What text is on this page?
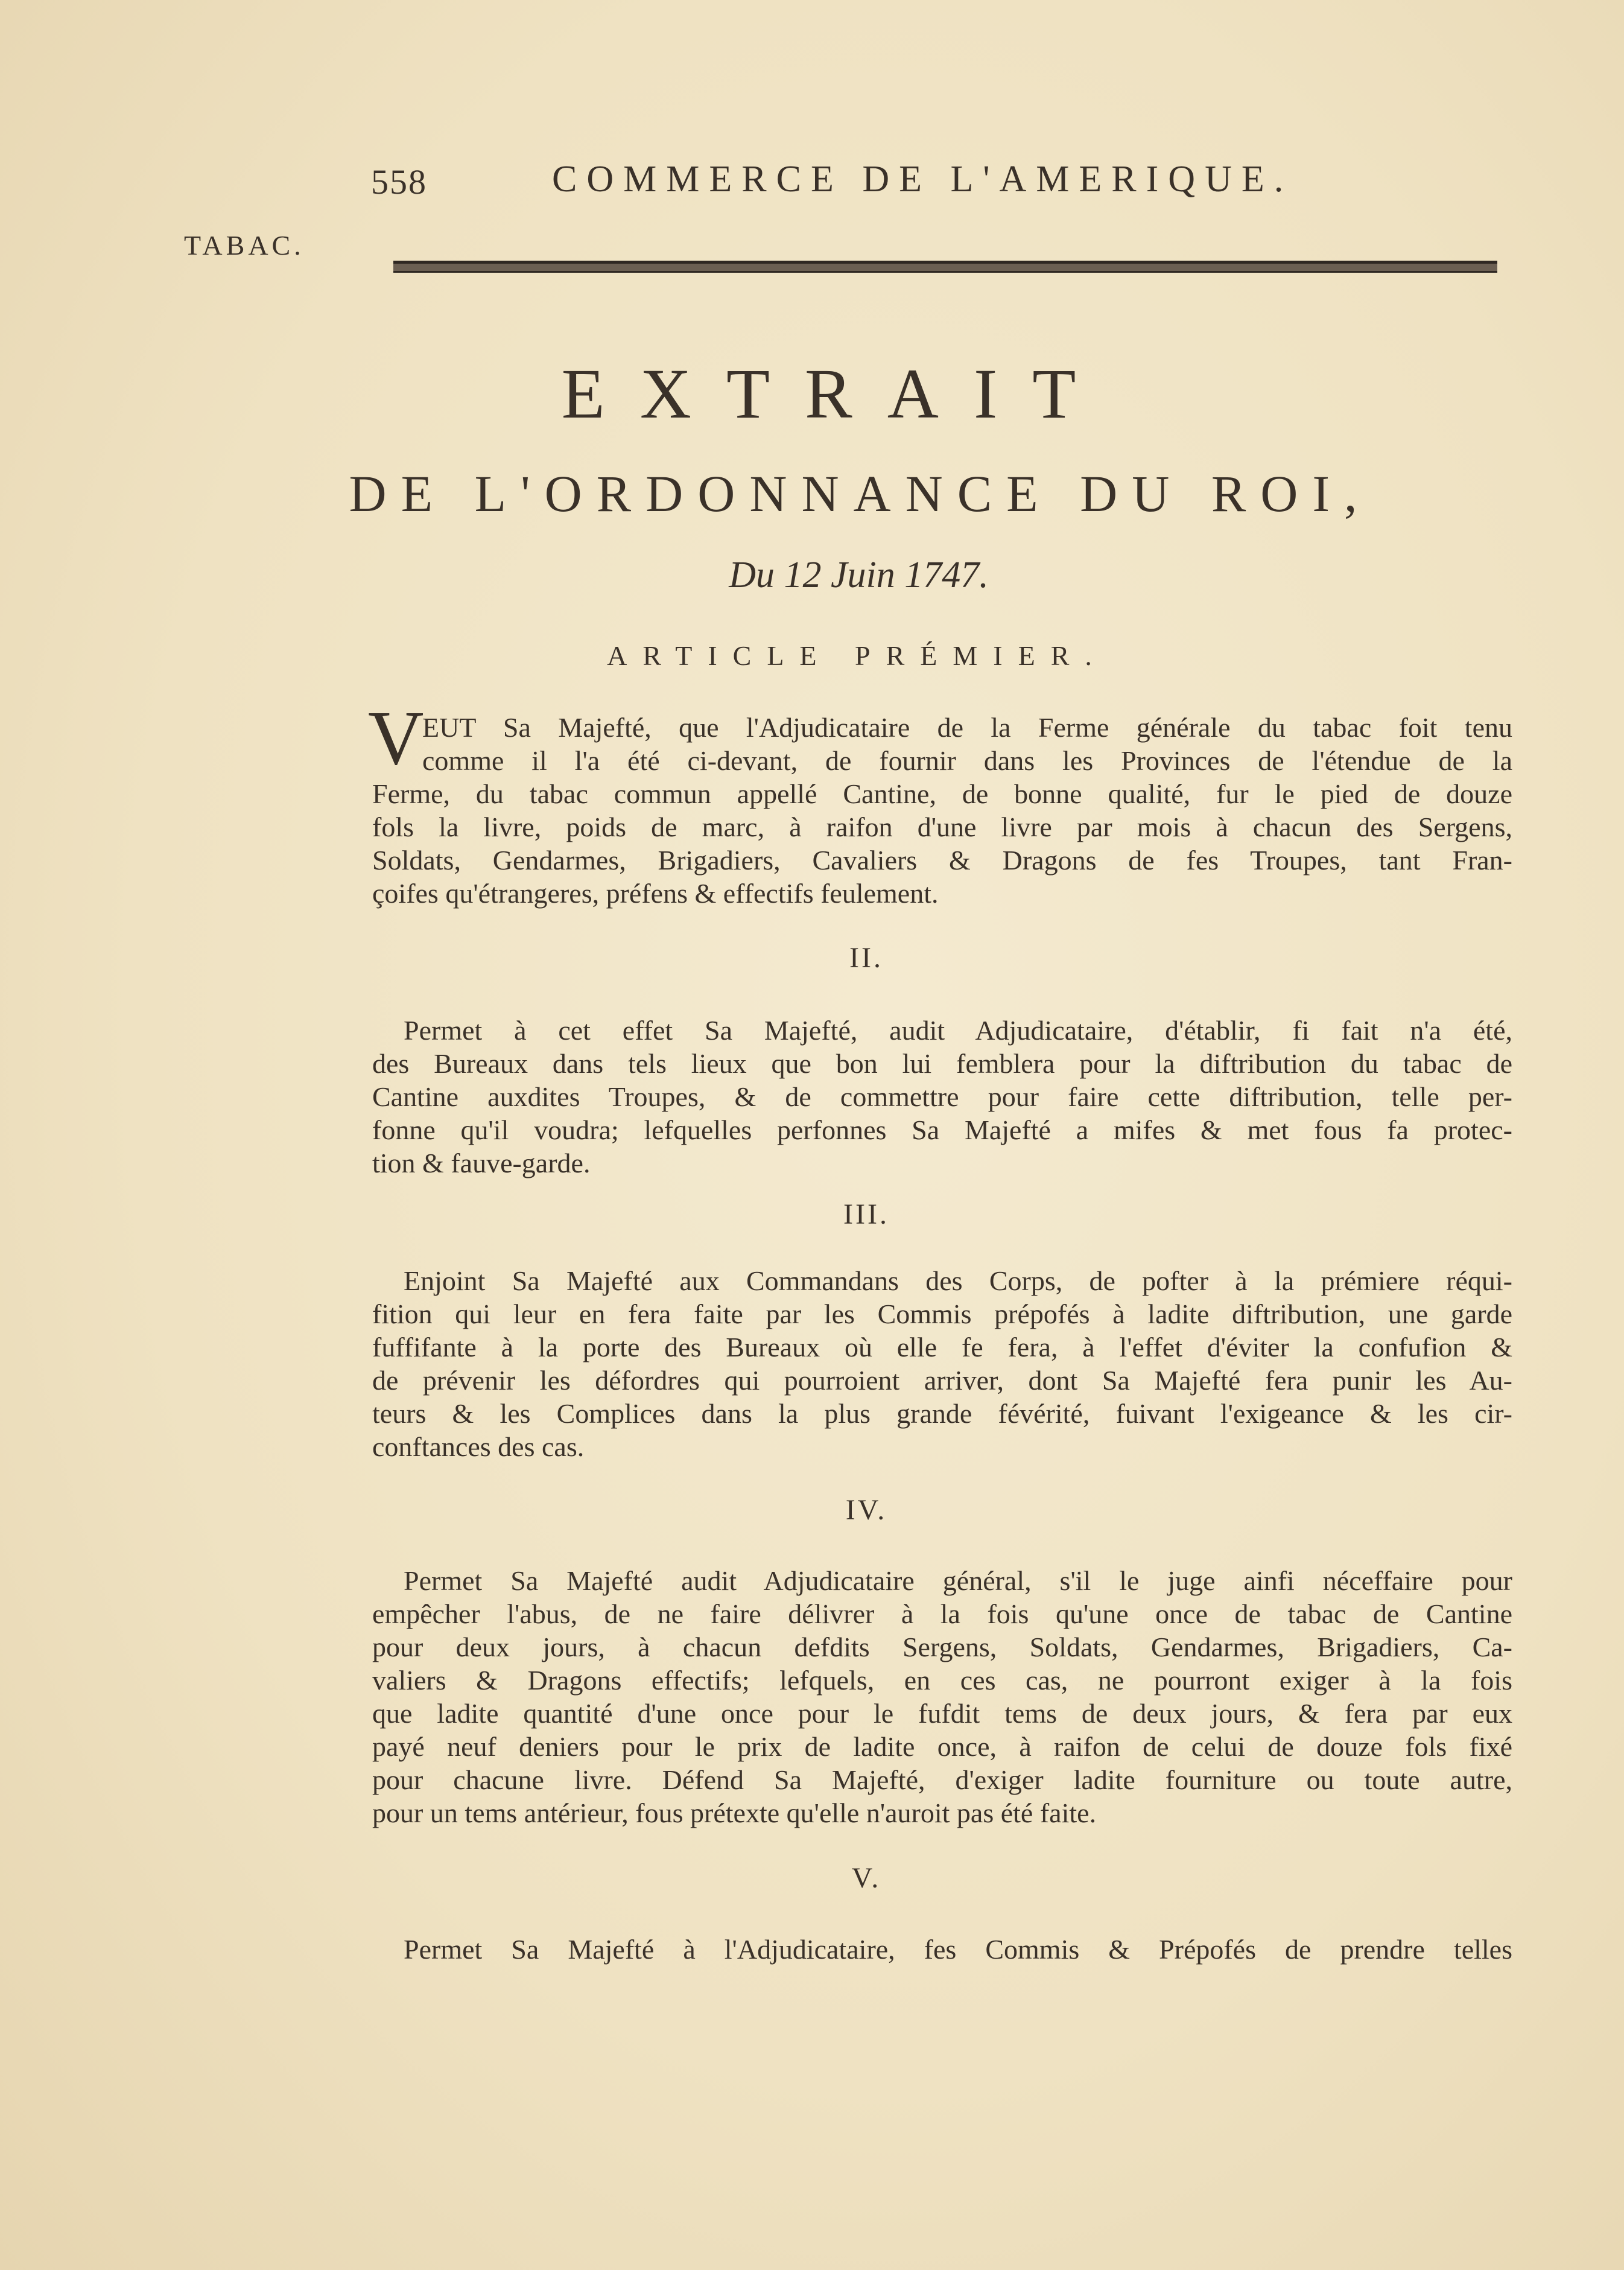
558	COMMERCE DE L'AMERIQUE.
TABAC.
EXTRAIT
DE L'ORDONNANCE DU ROI,
Du 12 Juin 1747.
ARTICLE PRÉMIER.
V
EUT Sa Majefté, que l'Adjudicataire de la Ferme générale du tabac foit tenu
comme il l'a été ci-devant, de fournir dans les Provinces de l'étendue de la
Ferme, du tabac commun appellé Cantine, de bonne qualité, fur le pied de douze
fols la livre, poids de marc, à raifon d'une livre par mois à chacun des Sergens,
Soldats, Gendarmes, Brigadiers, Cavaliers & Dragons de fes Troupes, tant Fran-
çoifes qu'étrangeres, préfens & effectifs feulement.
II.
Permet à cet effet Sa Majefté, audit Adjudicataire, d'établir, fi fait n'a été,
des Bureaux dans tels lieux que bon lui femblera pour la diftribution du tabac de
Cantine auxdites Troupes, & de commettre pour faire cette diftribution, telle per-
fonne qu'il voudra; lefquelles perfonnes Sa Majefté a mifes & met fous fa protec-
tion & fauve-garde.
III.
Enjoint Sa Majefté aux Commandans des Corps, de pofter à la prémiere réqui-
fition qui leur en fera faite par les Commis prépofés à ladite diftribution, une garde
fuffifante à la porte des Bureaux où elle fe fera, à l'effet d'éviter la confufion &
de prévenir les défordres qui pourroient arriver, dont Sa Majefté fera punir les Au-
teurs & les Complices dans la plus grande févérité, fuivant l'exigeance & les cir-
conftances des cas.
IV.
Permet Sa Majefté audit Adjudicataire général, s'il le juge ainfi néceffaire pour
empêcher l'abus, de ne faire délivrer à la fois qu'une once de tabac de Cantine
pour deux jours, à chacun defdits Sergens, Soldats, Gendarmes, Brigadiers, Ca-
valiers & Dragons effectifs; lefquels, en ces cas, ne pourront exiger à la fois
que ladite quantité d'une once pour le fufdit tems de deux jours, & fera par eux
payé neuf deniers pour le prix de ladite once, à raifon de celui de douze fols fixé
pour chacune livre. Défend Sa Majefté, d'exiger ladite fourniture ou toute autre,
pour un tems antérieur, fous prétexte qu'elle n'auroit pas été faite.
V.
Permet Sa Majefté à l'Adjudicataire, fes Commis & Prépofés de prendre telles
